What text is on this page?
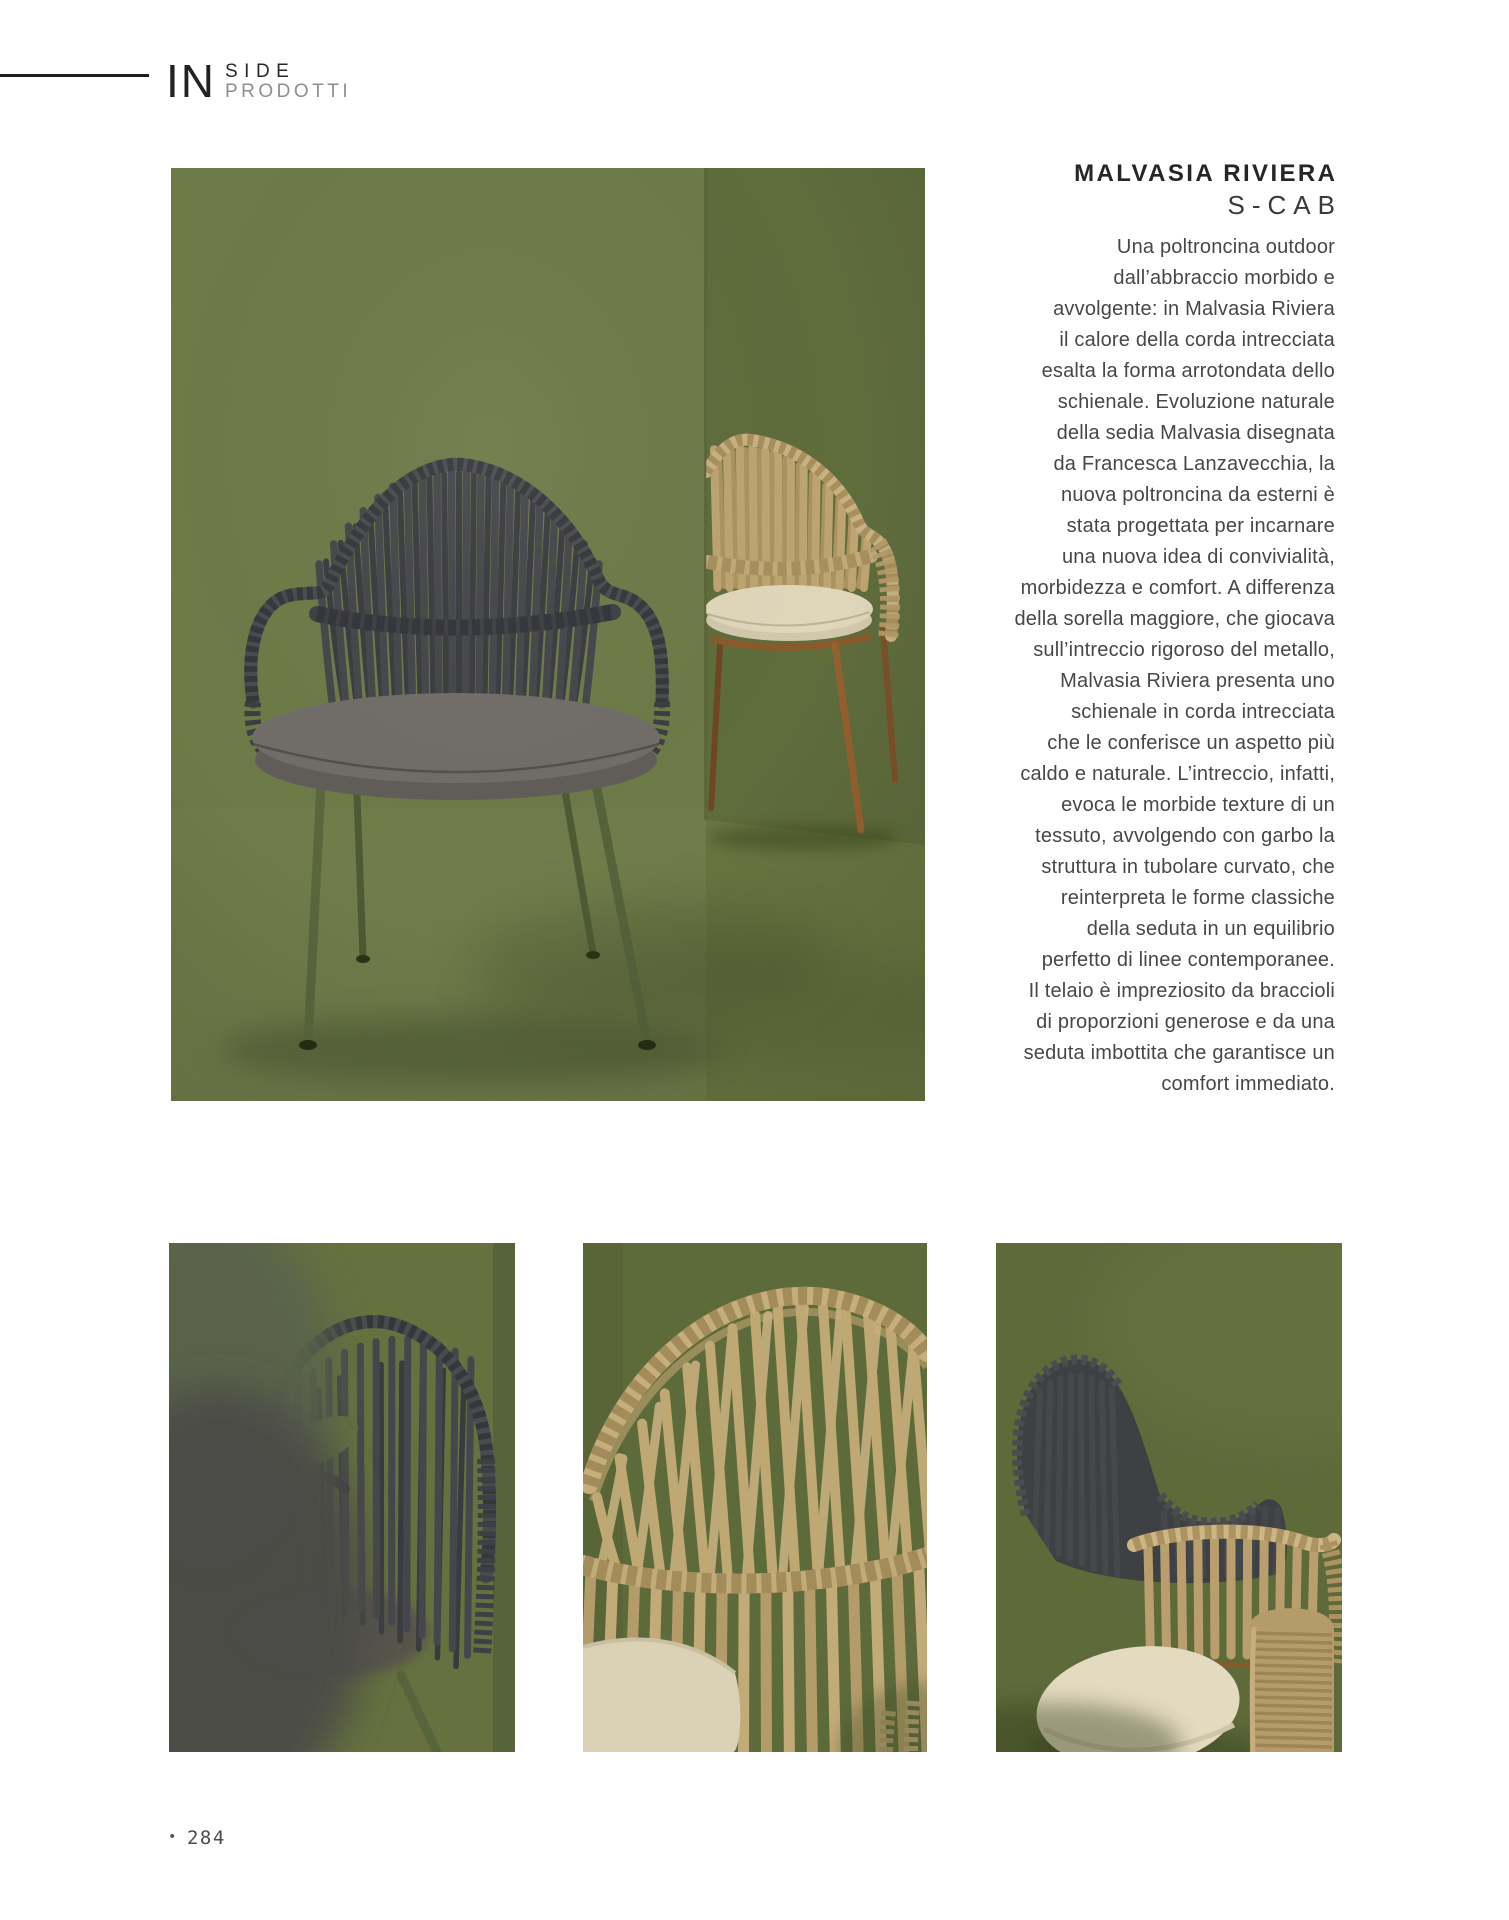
IN SIDE
PRODOTTI
MALVASIA RIVIERA
S-CAB
Una poltroncina outdoor
dall’abbraccio morbido e
avvolgente: in Malvasia Riviera
il calore della corda intrecciata
esalta la forma arrotondata dello
schienale. Evoluzione naturale
della sedia Malvasia disegnata
da Francesca Lanzavecchia, la
nuova poltroncina da esterni è
stata progettata per incarnare
una nuova idea di convivialità,
morbidezza e comfort. A differenza
della sorella maggiore, che giocava
sull’intreccio rigoroso del metallo,
Malvasia Riviera presenta uno
schienale in corda intrecciata
che le conferisce un aspetto più
caldo e naturale. L’intreccio, infatti,
evoca le morbide texture di un
tessuto, avvolgendo con garbo la
struttura in tubolare curvato, che
reinterpreta le forme classiche
della seduta in un equilibrio
perfetto di linee contemporanee.
Il telaio è impreziosito da braccioli
di proporzioni generose e da una
seduta imbottita che garantisce un
comfort immediato.
• 284
